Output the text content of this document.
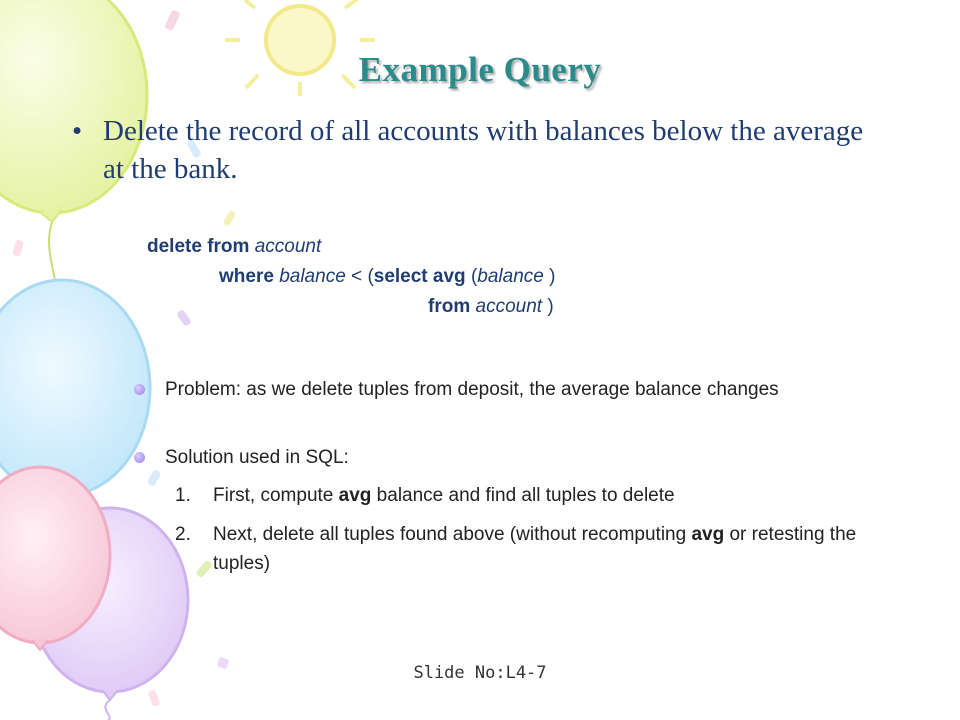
Example Query
• Delete the record of all accounts with balances below the average at the bank.
delete from account
where balance < (select avg (balance )
from account )
Problem: as we delete tuples from deposit, the average balance changes
Solution used in SQL:
1. First, compute avg balance and find all tuples to delete
2. Next, delete all tuples found above (without recomputing avg or retesting the tuples)
Slide No:L4-7
